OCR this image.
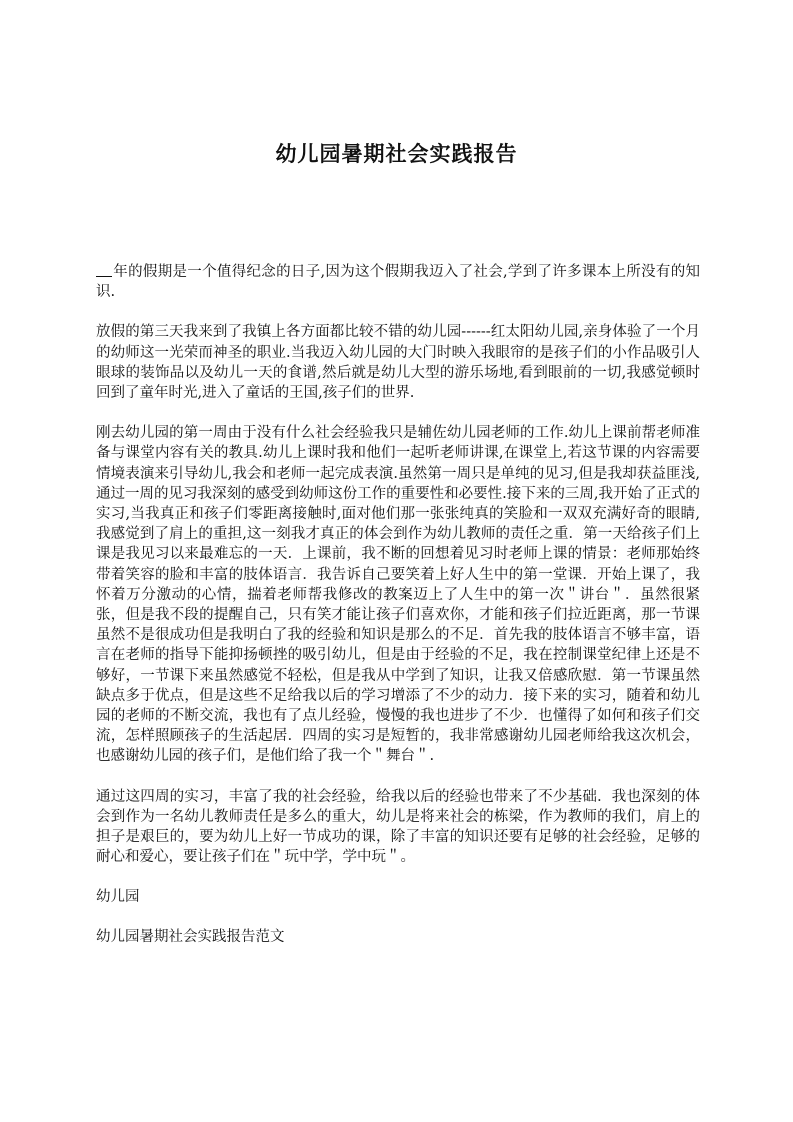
幼儿园暑期社会实践报告

年的假期是一个值得纪念的日子,因为这个假期我迈入了社会,学到了许多课本上所没有的知识.

放假的第三天我来到了我镇上各方面都比较不错的幼儿园------红太阳幼儿园,亲身体验了一个月的幼师这一光荣而神圣的职业.当我迈入幼儿园的大门时映入我眼帘的是孩子们的小作品吸引人眼球的装饰品以及幼儿一天的食谱,然后就是幼儿大型的游乐场地,看到眼前的一切,我感觉顿时回到了童年时光,进入了童话的王国,孩子们的世界.

刚去幼儿园的第一周由于没有什么社会经验我只是辅佐幼儿园老师的工作.幼儿上课前帮老师准备与课堂内容有关的教具.幼儿上课时我和他们一起听老师讲课,在课堂上,若这节课的内容需要情境表演来引导幼儿,我会和老师一起完成表演.虽然第一周只是单纯的见习,但是我却获益匪浅,通过一周的见习我深刻的感受到幼师这份工作的重要性和必要性.接下来的三周,我开始了正式的实习,当我真正和孩子们零距离接触时,面对他们那一张张纯真的笑脸和一双双充满好奇的眼睛,我感觉到了肩上的重担,这一刻我才真正的体会到作为幼儿教师的责任之重．第一天给孩子们上课是我见习以来最难忘的一天．上课前，我不断的回想着见习时老师上课的情景：老师那始终带着笑容的脸和丰富的肢体语言．我告诉自己要笑着上好人生中的第一堂课．开始上课了，我怀着万分激动的心情，揣着老师帮我修改的教案迈上了人生中的第一次＂讲台＂．虽然很紧张，但是我不段的提醒自己，只有笑才能让孩子们喜欢你，才能和孩子们拉近距离，那一节课虽然不是很成功但是我明白了我的经验和知识是那么的不足．首先我的肢体语言不够丰富，语言在老师的指导下能抑扬顿挫的吸引幼儿，但是由于经验的不足，我在控制课堂纪律上还是不够好，一节课下来虽然感觉不轻松，但是我从中学到了知识，让我又倍感欣慰．第一节课虽然缺点多于优点，但是这些不足给我以后的学习增添了不少的动力．接下来的实习，随着和幼儿园的老师的不断交流，我也有了点儿经验，慢慢的我也进步了不少．也懂得了如何和孩子们交流，怎样照顾孩子的生活起居．四周的实习是短暂的，我非常感谢幼儿园老师给我这次机会，也感谢幼儿园的孩子们，是他们给了我一个＂舞台＂.

通过这四周的实习，丰富了我的社会经验，给我以后的经验也带来了不少基础．我也深刻的体会到作为一名幼儿教师责任是多么的重大，幼儿是将来社会的栋梁，作为教师的我们，肩上的担子是艰巨的，要为幼儿上好一节成功的课，除了丰富的知识还要有足够的社会经验，足够的耐心和爱心，要让孩子们在＂玩中学，学中玩＂。

幼儿园

幼儿园暑期社会实践报告范文
